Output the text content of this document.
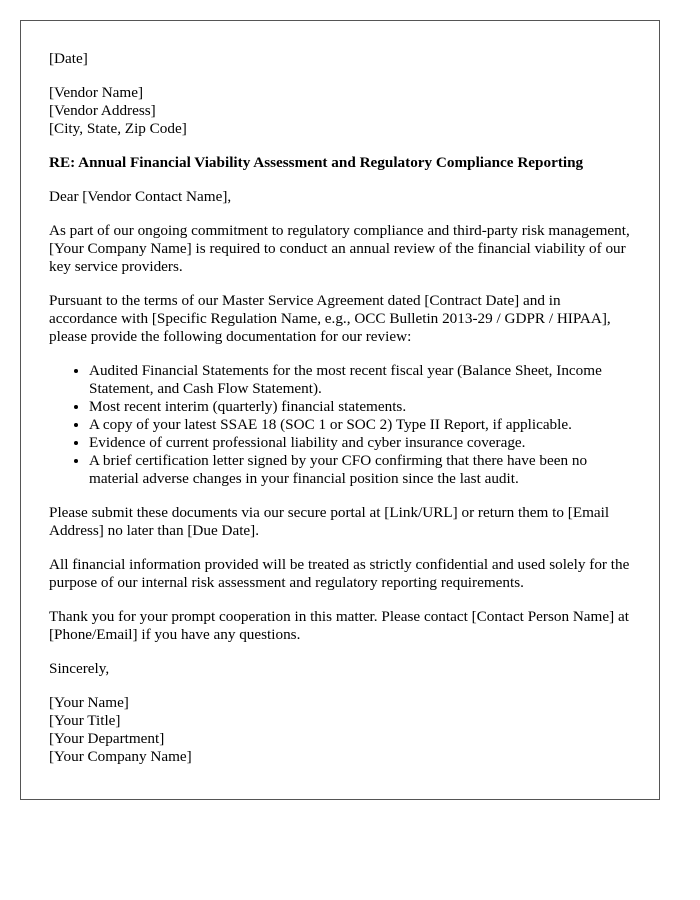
[Date]

[Vendor Name]
[Vendor Address]
[City, State, Zip Code]

RE: Annual Financial Viability Assessment and Regulatory Compliance Reporting

Dear [Vendor Contact Name],

As part of our ongoing commitment to regulatory compliance and third-party risk management, [Your Company Name] is required to conduct an annual review of the financial viability of our key service providers.

Pursuant to the terms of our Master Service Agreement dated [Contract Date] and in accordance with [Specific Regulation Name, e.g., OCC Bulletin 2013-29 / GDPR / HIPAA], please provide the following documentation for our review:

• Audited Financial Statements for the most recent fiscal year (Balance Sheet, Income Statement, and Cash Flow Statement).
• Most recent interim (quarterly) financial statements.
• A copy of your latest SSAE 18 (SOC 1 or SOC 2) Type II Report, if applicable.
• Evidence of current professional liability and cyber insurance coverage.
• A brief certification letter signed by your CFO confirming that there have been no material adverse changes in your financial position since the last audit.

Please submit these documents via our secure portal at [Link/URL] or return them to [Email Address] no later than [Due Date].

All financial information provided will be treated as strictly confidential and used solely for the purpose of our internal risk assessment and regulatory reporting requirements.

Thank you for your prompt cooperation in this matter. Please contact [Contact Person Name] at [Phone/Email] if you have any questions.

Sincerely,

[Your Name]
[Your Title]
[Your Department]
[Your Company Name]
